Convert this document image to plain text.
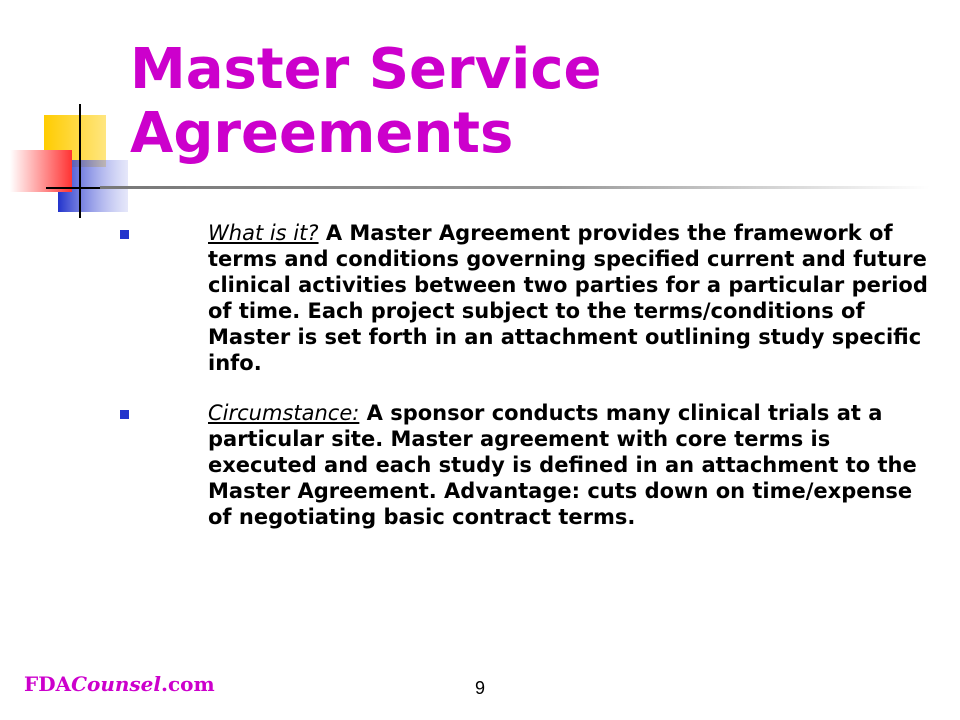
Master Service
Agreements
What is it? A Master Agreement provides the framework of terms and conditions governing specified current and future clinical activities between two parties for a particular period of time. Each project subject to the terms/conditions of Master is set forth in an attachment outlining study specific info.
Circumstance: A sponsor conducts many clinical trials at a particular site. Master agreement with core terms is executed and each study is defined in an attachment to the Master Agreement. Advantage: cuts down on time/expense of negotiating basic contract terms.
FDACounsel.com	9
